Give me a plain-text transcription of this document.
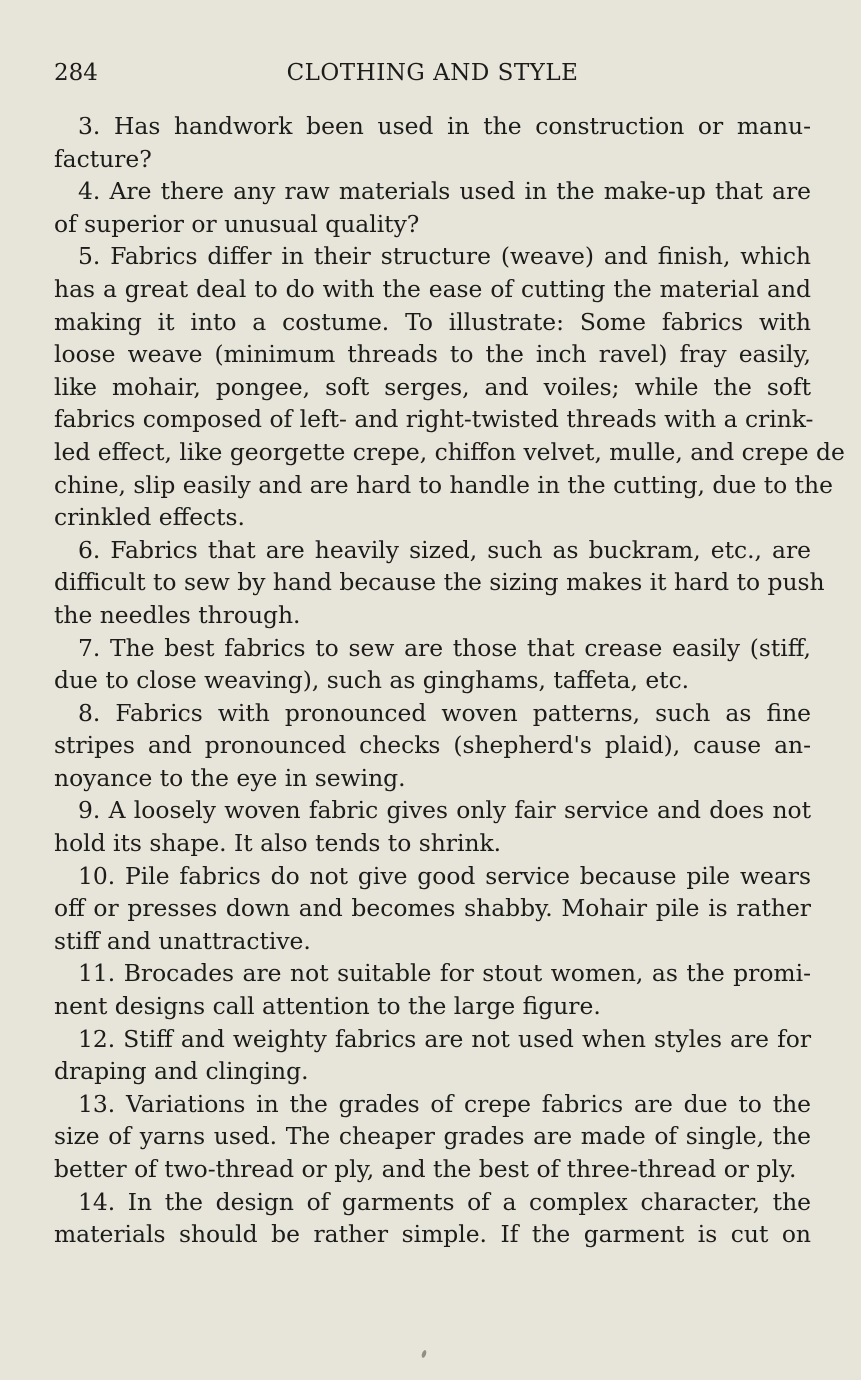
284	CLOTHING AND STYLE

3. Has handwork been used in the construction or manu-
facture?

4. Are there any raw materials used in the make-up that are
of superior or unusual quality?

5. Fabrics differ in their structure (weave) and finish, which
has a great deal to do with the ease of cutting the material and
making it into a costume. To illustrate: Some fabrics with
loose weave (minimum threads to the inch ravel) fray easily,
like mohair, pongee, soft serges, and voiles; while the soft
fabrics composed of left- and right-twisted threads with a crink-
led effect, like georgette crepe, chiffon velvet, mulle, and crepe de
chine, slip easily and are hard to handle in the cutting, due to the
crinkled effects.

6. Fabrics that are heavily sized, such as buckram, etc., are
difficult to sew by hand because the sizing makes it hard to push
the needles through.

7. The best fabrics to sew are those that crease easily (stiff,
due to close weaving), such as ginghams, taffeta, etc.

8. Fabrics with pronounced woven patterns, such as fine
stripes and pronounced checks (shepherd's plaid), cause an-
noyance to the eye in sewing.

9. A loosely woven fabric gives only fair service and does not
hold its shape. It also tends to shrink.

10. Pile fabrics do not give good service because pile wears
off or presses down and becomes shabby. Mohair pile is rather
stiff and unattractive.

11. Brocades are not suitable for stout women, as the promi-
nent designs call attention to the large figure.

12. Stiff and weighty fabrics are not used when styles are for
draping and clinging.

13. Variations in the grades of crepe fabrics are due to the
size of yarns used. The cheaper grades are made of single, the
better of two-thread or ply, and the best of three-thread or ply.

14. In the design of garments of a complex character, the
materials should be rather simple. If the garment is cut on
